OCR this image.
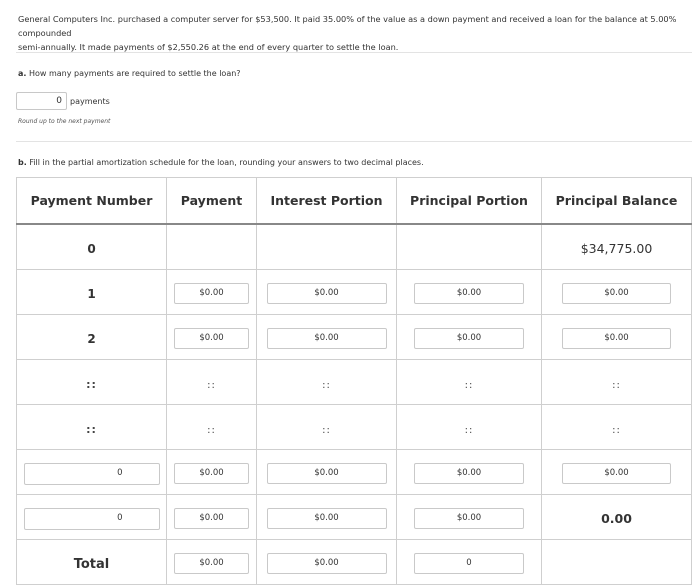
General Computers Inc. purchased a computer server for $53,500. It paid 35.00% of the value as a down payment and received a loan for the balance at 5.00% compounded
semi-annually. It made payments of $2,550.26 at the end of every quarter to settle the loan.
a. How many payments are required to settle the loan?
0	payments
Round up to the next payment
b. Fill in the partial amortization schedule for the loan, rounding your answers to two decimal places.
Payment Number	Payment	Interest Portion	Principal Portion	Principal Balance
0				$34,775.00
1	$0.00	$0.00	$0.00	$0.00
2	$0.00	$0.00	$0.00	$0.00
::	::	::	::	::
::	::	::	::	::
0	$0.00	$0.00	$0.00	$0.00
0	$0.00	$0.00	$0.00	0.00
Total	$0.00	$0.00	0	
